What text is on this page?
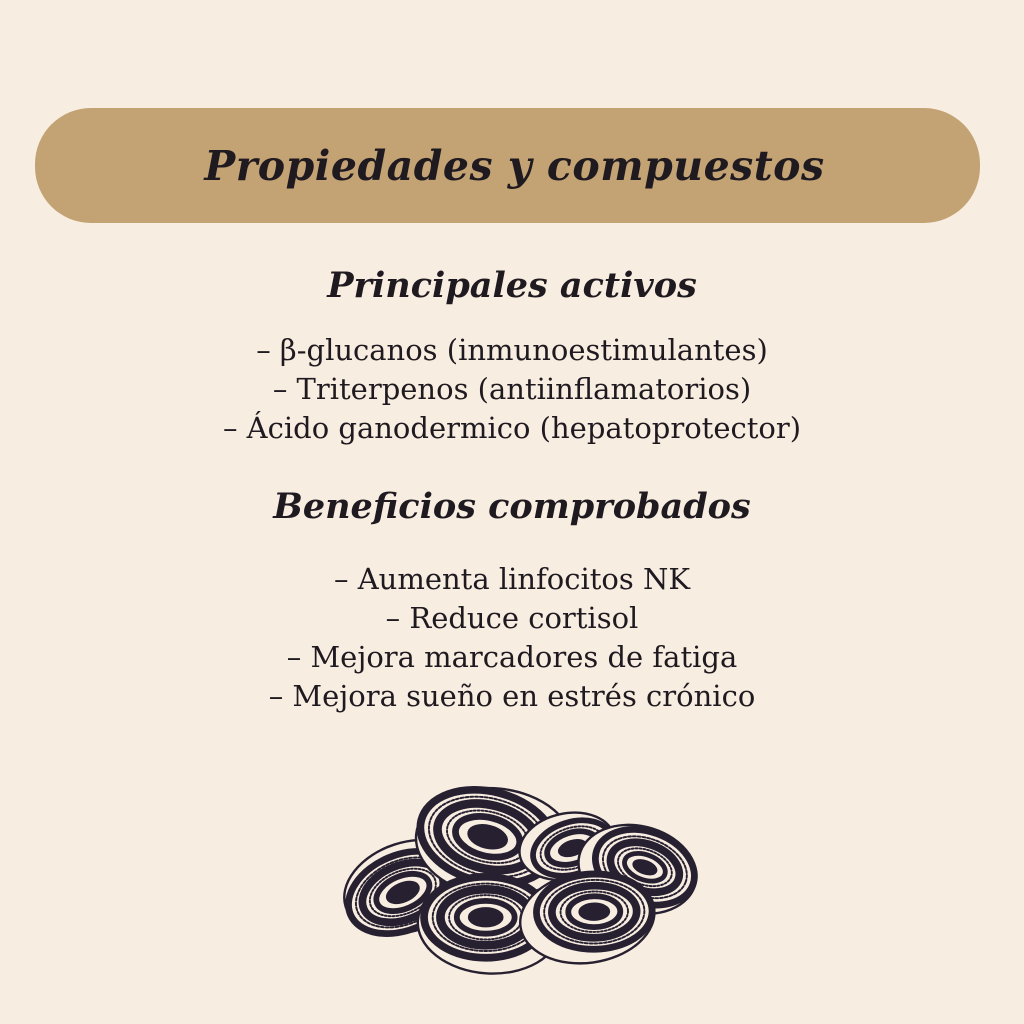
Propiedades y compuestos
Principales activos
– β-glucanos (inmunoestimulantes)
– Triterpenos (antiinflamatorios)
– Ácido ganodermico (hepatoprotector)
Beneficios comprobados
– Aumenta linfocitos NK
– Reduce cortisol
– Mejora marcadores de fatiga
– Mejora sueño en estrés crónico
